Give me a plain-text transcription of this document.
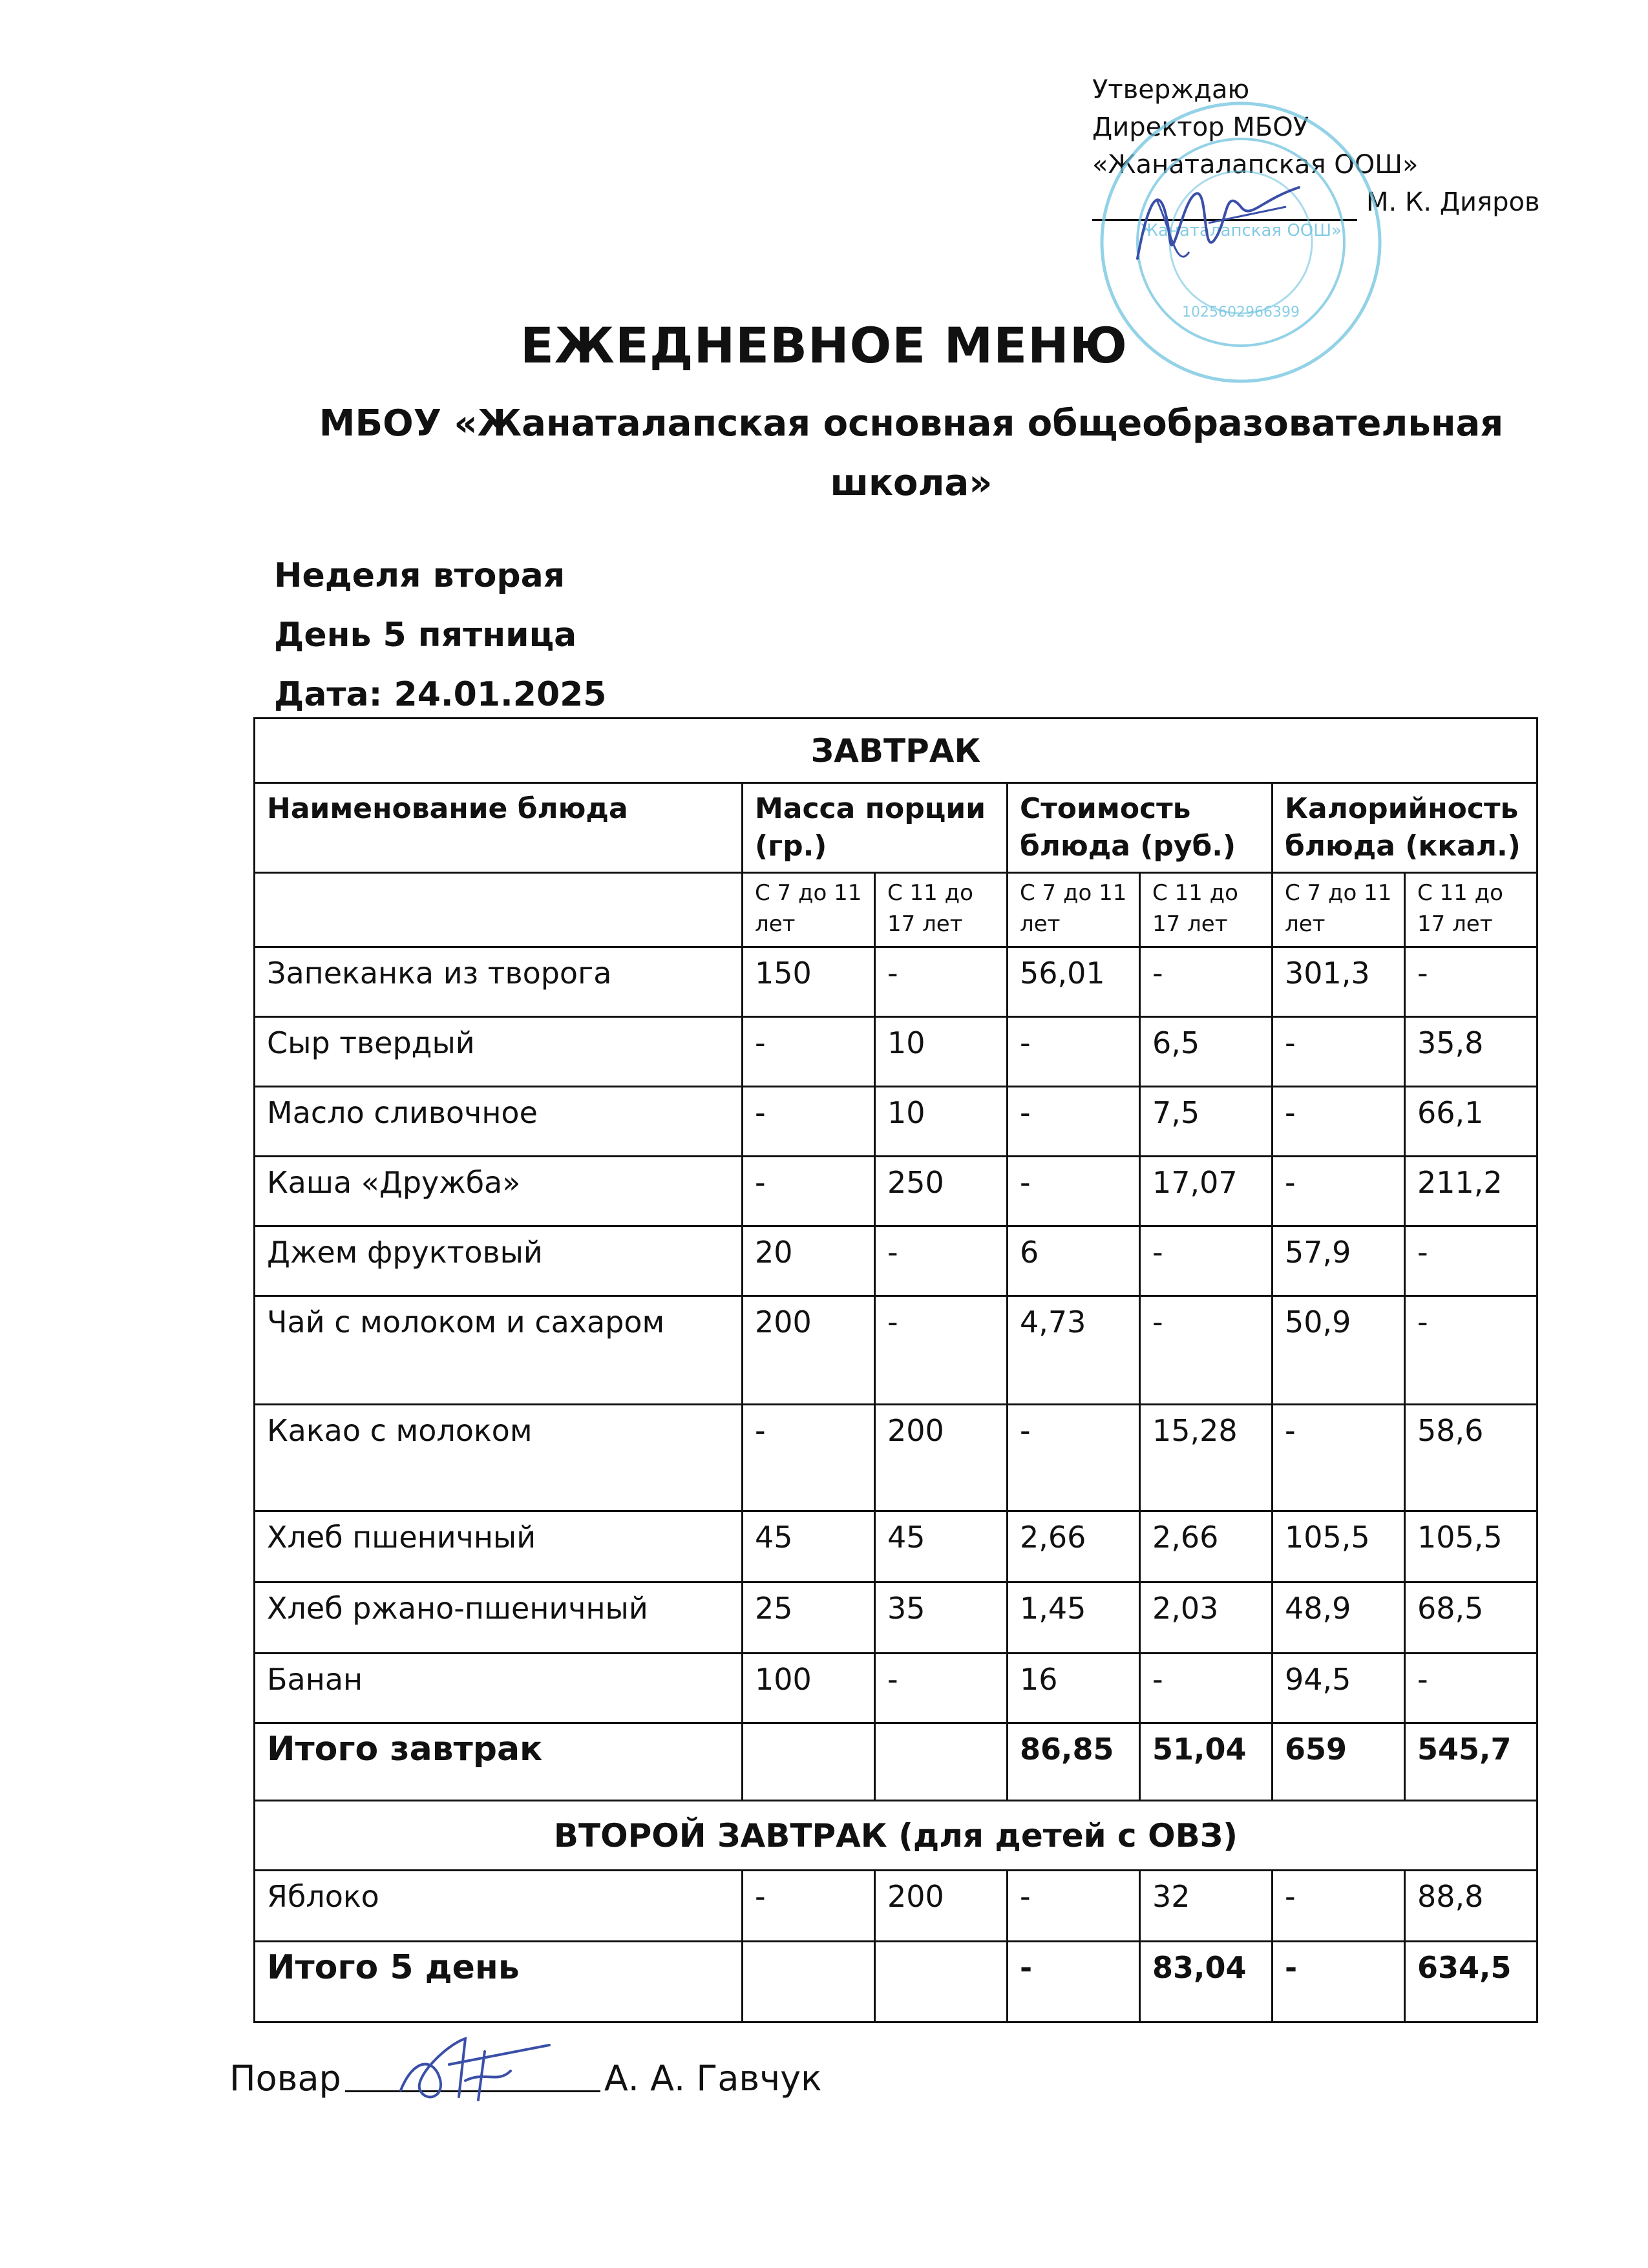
Утверждаю
Директор МБОУ
«Жанаталапская ООШ»
М. К. Дияров
Жанаталапская ООШ»
1025602966399
ЕЖЕДНЕВНОЕ МЕНЮ
МБОУ «Жанаталапская основная общеобразовательная школа»
Неделя вторая
День 5 пятница
Дата: 24.01.2025
ЗАВТРАК						
Наименование блюда	Масса порции (гр.)		Стоимость блюда (руб.)		Калорийность блюда (ккал.)	
	С 7 до 11 лет	С 11 до 17 лет	С 7 до 11 лет	С 11 до 17 лет	С 7 до 11 лет	С 11 до 17 лет
Запеканка из творога	150	-	56,01	-	301,3	-
Сыр твердый	-	10	-	6,5	-	35,8
Масло сливочное	-	10	-	7,5	-	66,1
Каша «Дружба»	-	250	-	17,07	-	211,2
Джем фруктовый	20	-	6	-	57,9	-
Чай с молоком и сахаром	200	-	4,73	-	50,9	-
Какао с молоком	-	200	-	15,28	-	58,6
Хлеб пшеничный	45	45	2,66	2,66	105,5	105,5
Хлеб ржано-пшеничный	25	35	1,45	2,03	48,9	68,5
Банан	100	-	16	-	94,5	-
Итого завтрак			86,85	51,04	659	545,7
ВТОРОЙ ЗАВТРАК (для детей с ОВЗ)						
Яблоко	-	200	-	32	-	88,8
Итого 5 день			-	83,04	-	634,5
Повар	А. А. Гавчук
